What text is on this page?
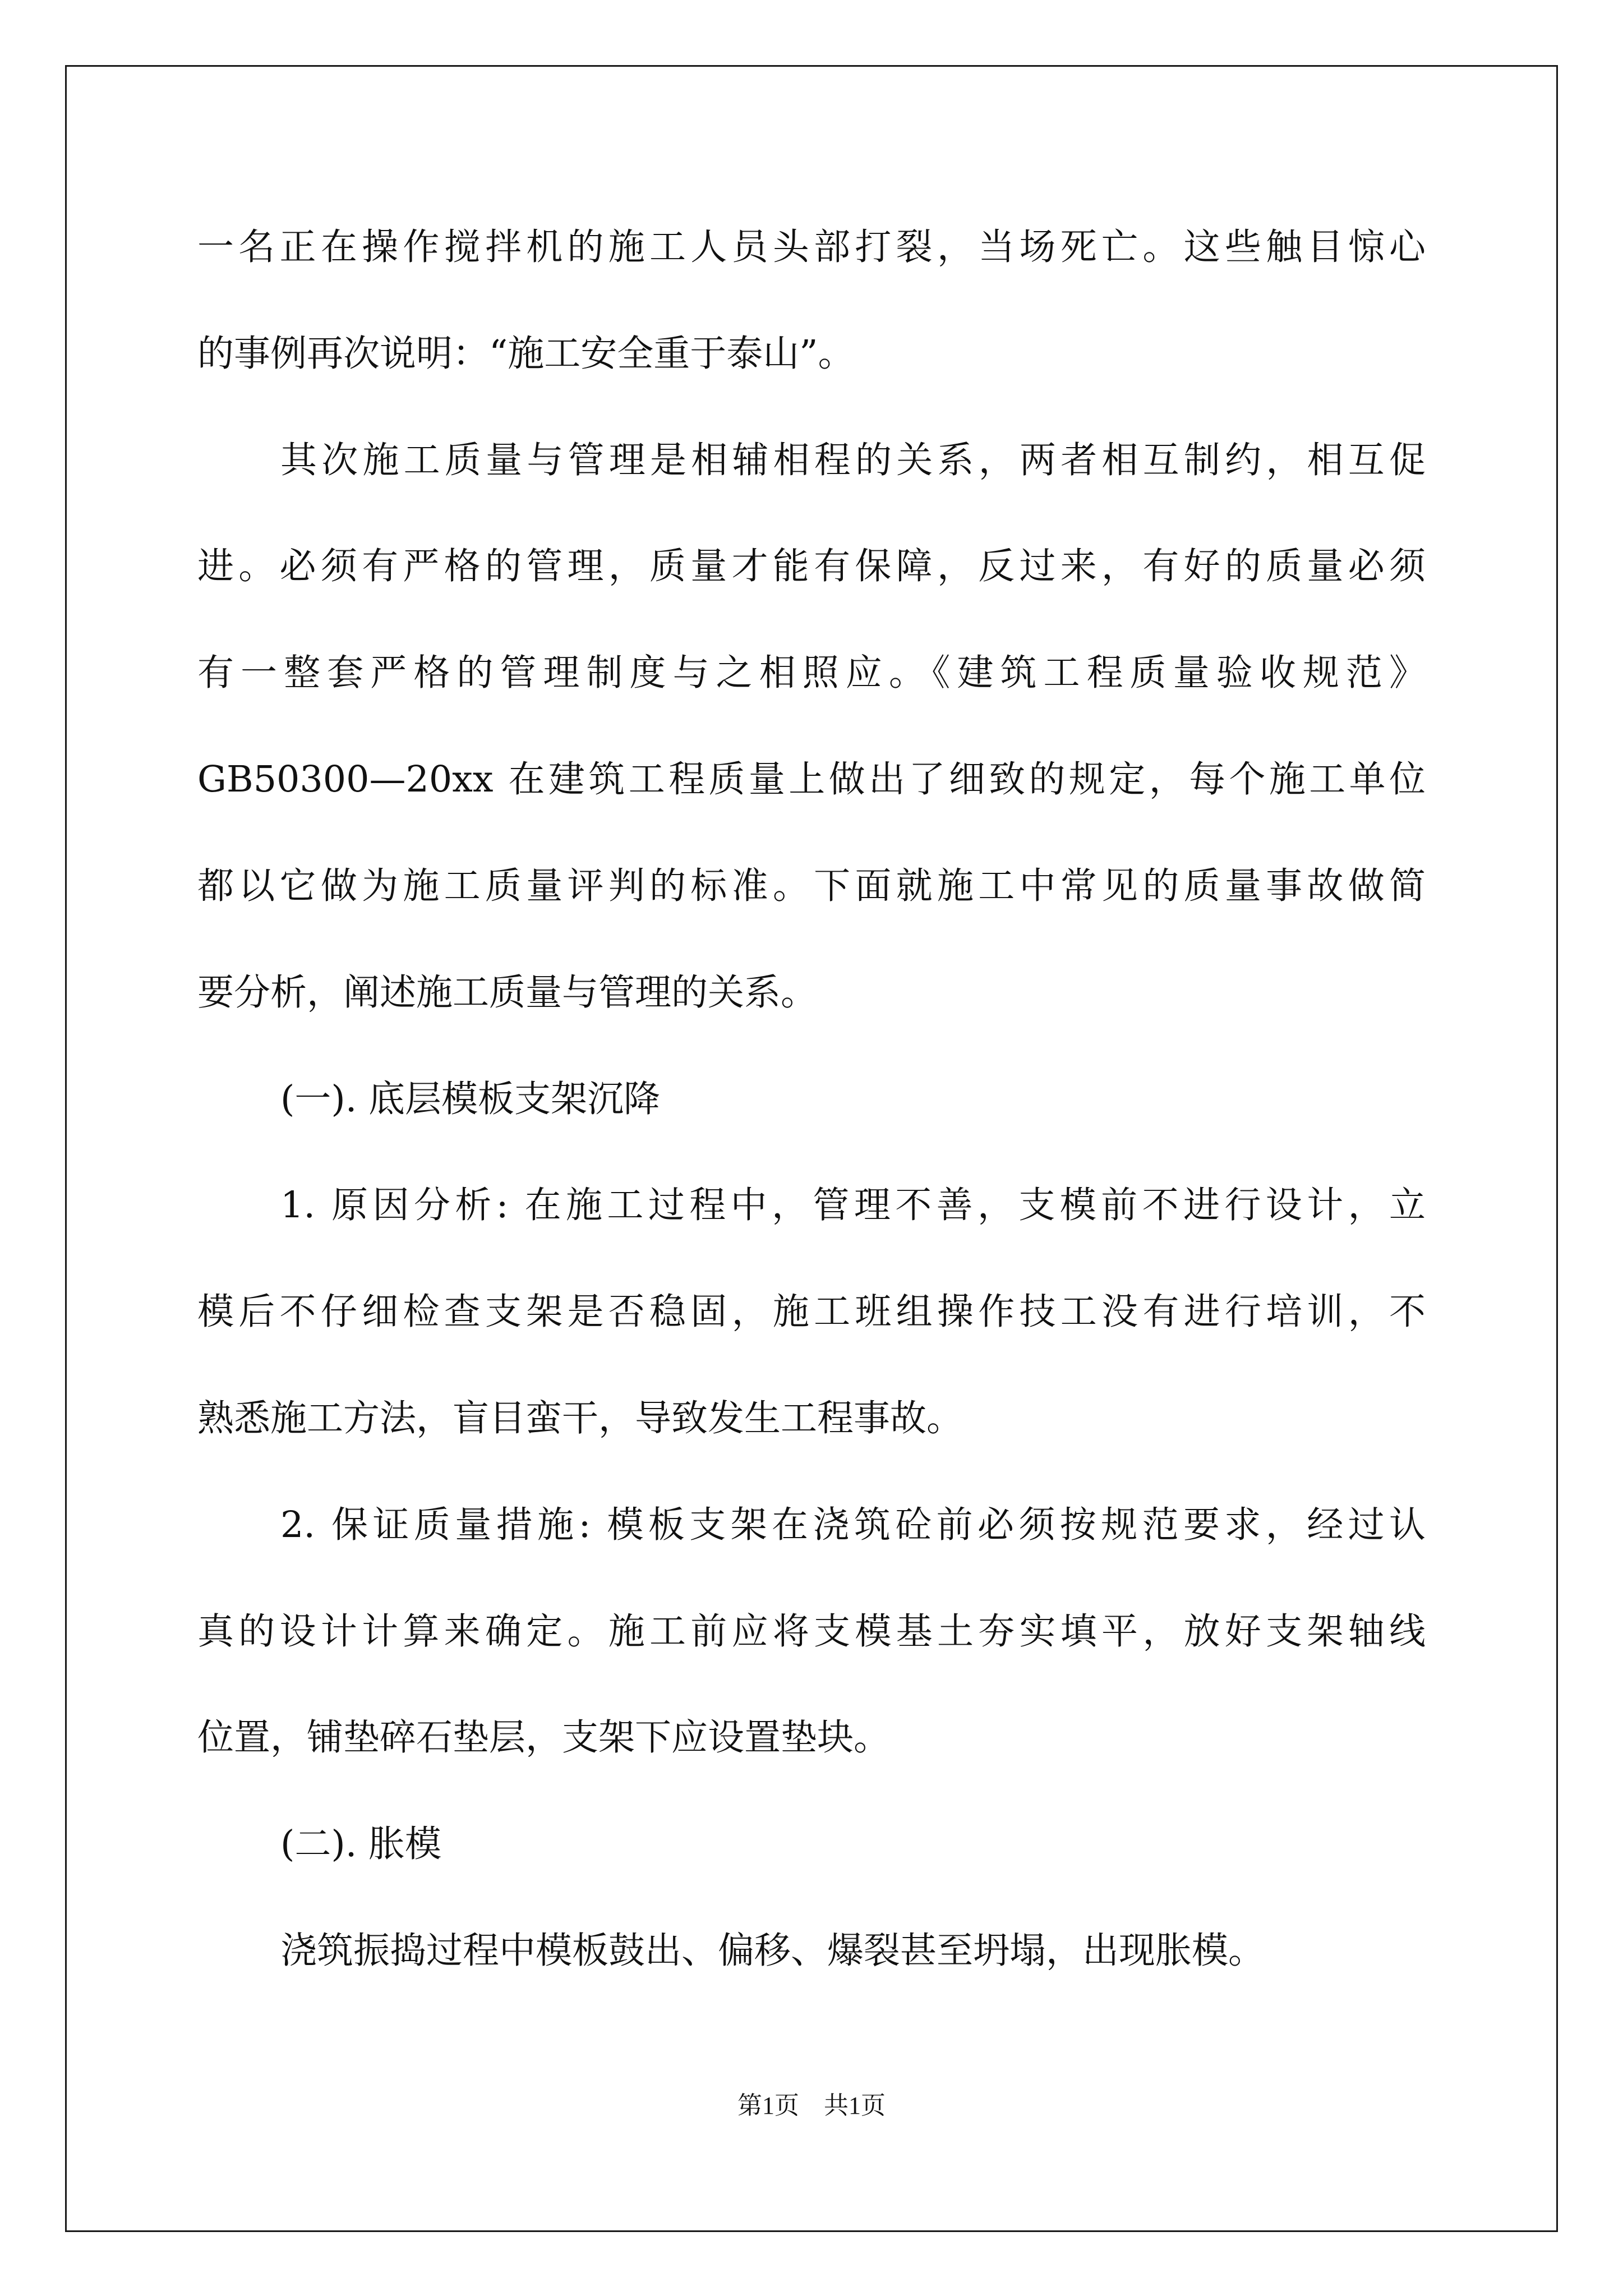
一名正在操作搅拌机的施工人员头部打裂，当场死亡。这些触目惊心

的事例再次说明：“施工安全重于泰山”。

其次施工质量与管理是相辅相程的关系，两者相互制约，相互促

进。必须有严格的管理，质量才能有保障，反过来，有好的质量必须

有一整套严格的管理制度与之相照应。《建筑工程质量验收规范》

GB50300—20xx 在建筑工程质量上做出了细致的规定，每个施工单位

都以它做为施工质量评判的标准。下面就施工中常见的质量事故做简

要分析，阐述施工质量与管理的关系。

(一). 底层模板支架沉降

1. 原因分析: 在施工过程中，管理不善，支模前不进行设计，立

模后不仔细检查支架是否稳固，施工班组操作技工没有进行培训，不

熟悉施工方法，盲目蛮干，导致发生工程事故。

2. 保证质量措施: 模板支架在浇筑砼前必须按规范要求，经过认

真的设计计算来确定。施工前应将支模基土夯实填平，放好支架轴线

位置，铺垫碎石垫层，支架下应设置垫块。

(二). 胀模

浇筑振捣过程中模板鼓出、偏移、爆裂甚至坍塌，出现胀模。

第1页　共1页
